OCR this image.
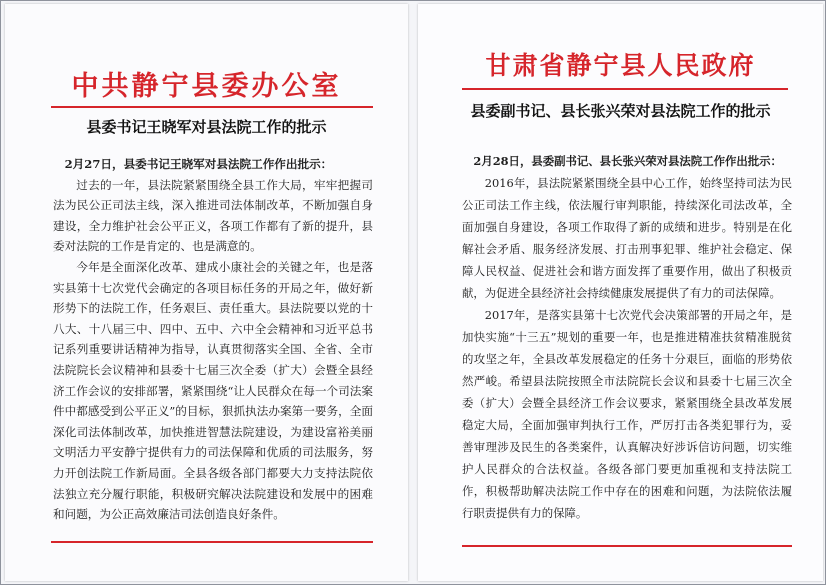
中共静宁县委办公室
县委书记王晓军对县法院工作的批示

2月27日，县委书记王晓军对县法院工作作出批示：

过去的一年，县法院紧紧围绕全县工作大局，牢牢把握司法为民公正司法主线，深入推进司法体制改革，不断加强自身建设，全力维护社会公平正义，各项工作都有了新的提升，县委对法院的工作是肯定的、也是满意的。

今年是全面深化改革、建成小康社会的关键之年，也是落实县第十七次党代会确定的各项目标任务的开局之年，做好新形势下的法院工作，任务艰巨、责任重大。县法院要以党的十八大、十八届三中、四中、五中、六中全会精神和习近平总书记系列重要讲话精神为指导，认真贯彻落实全国、全省、全市法院院长会议精神和县委十七届三次全委（扩大）会暨全县经济工作会议的安排部署，紧紧围绕“让人民群众在每一个司法案件中都感受到公平正义”的目标，狠抓执法办案第一要务，全面深化司法体制改革，加快推进智慧法院建设，为建设富裕美丽文明活力平安静宁提供有力的司法保障和优质的司法服务，努力开创法院工作新局面。全县各级各部门都要大力支持法院依法独立充分履行职能，积极研究解决法院建设和发展中的困难和问题，为公正高效廉洁司法创造良好条件。

甘肃省静宁县人民政府
县委副书记、县长张兴荣对县法院工作的批示

2月28日，县委副书记、县长张兴荣对县法院工作作出批示：

2016年，县法院紧紧围绕全县中心工作，始终坚持司法为民公正司法工作主线，依法履行审判职能，持续深化司法改革，全面加强自身建设，各项工作取得了新的成绩和进步。特别是在化解社会矛盾、服务经济发展、打击刑事犯罪、维护社会稳定、保障人民权益、促进社会和谐方面发挥了重要作用，做出了积极贡献，为促进全县经济社会持续健康发展提供了有力的司法保障。

2017年，是落实县第十七次党代会决策部署的开局之年，是加快实施“十三五”规划的重要一年，也是推进精准扶贫精准脱贫的攻坚之年，全县改革发展稳定的任务十分艰巨，面临的形势依然严峻。希望县法院按照全市法院院长会议和县委十七届三次全委（扩大）会暨全县经济工作会议要求，紧紧围绕全县改革发展稳定大局，全面加强审判执行工作，严厉打击各类犯罪行为，妥善审理涉及民生的各类案件，认真解决好涉诉信访问题，切实维护人民群众的合法权益。各级各部门要更加重视和支持法院工作，积极帮助解决法院工作中存在的困难和问题，为法院依法履行职责提供有力的保障。
